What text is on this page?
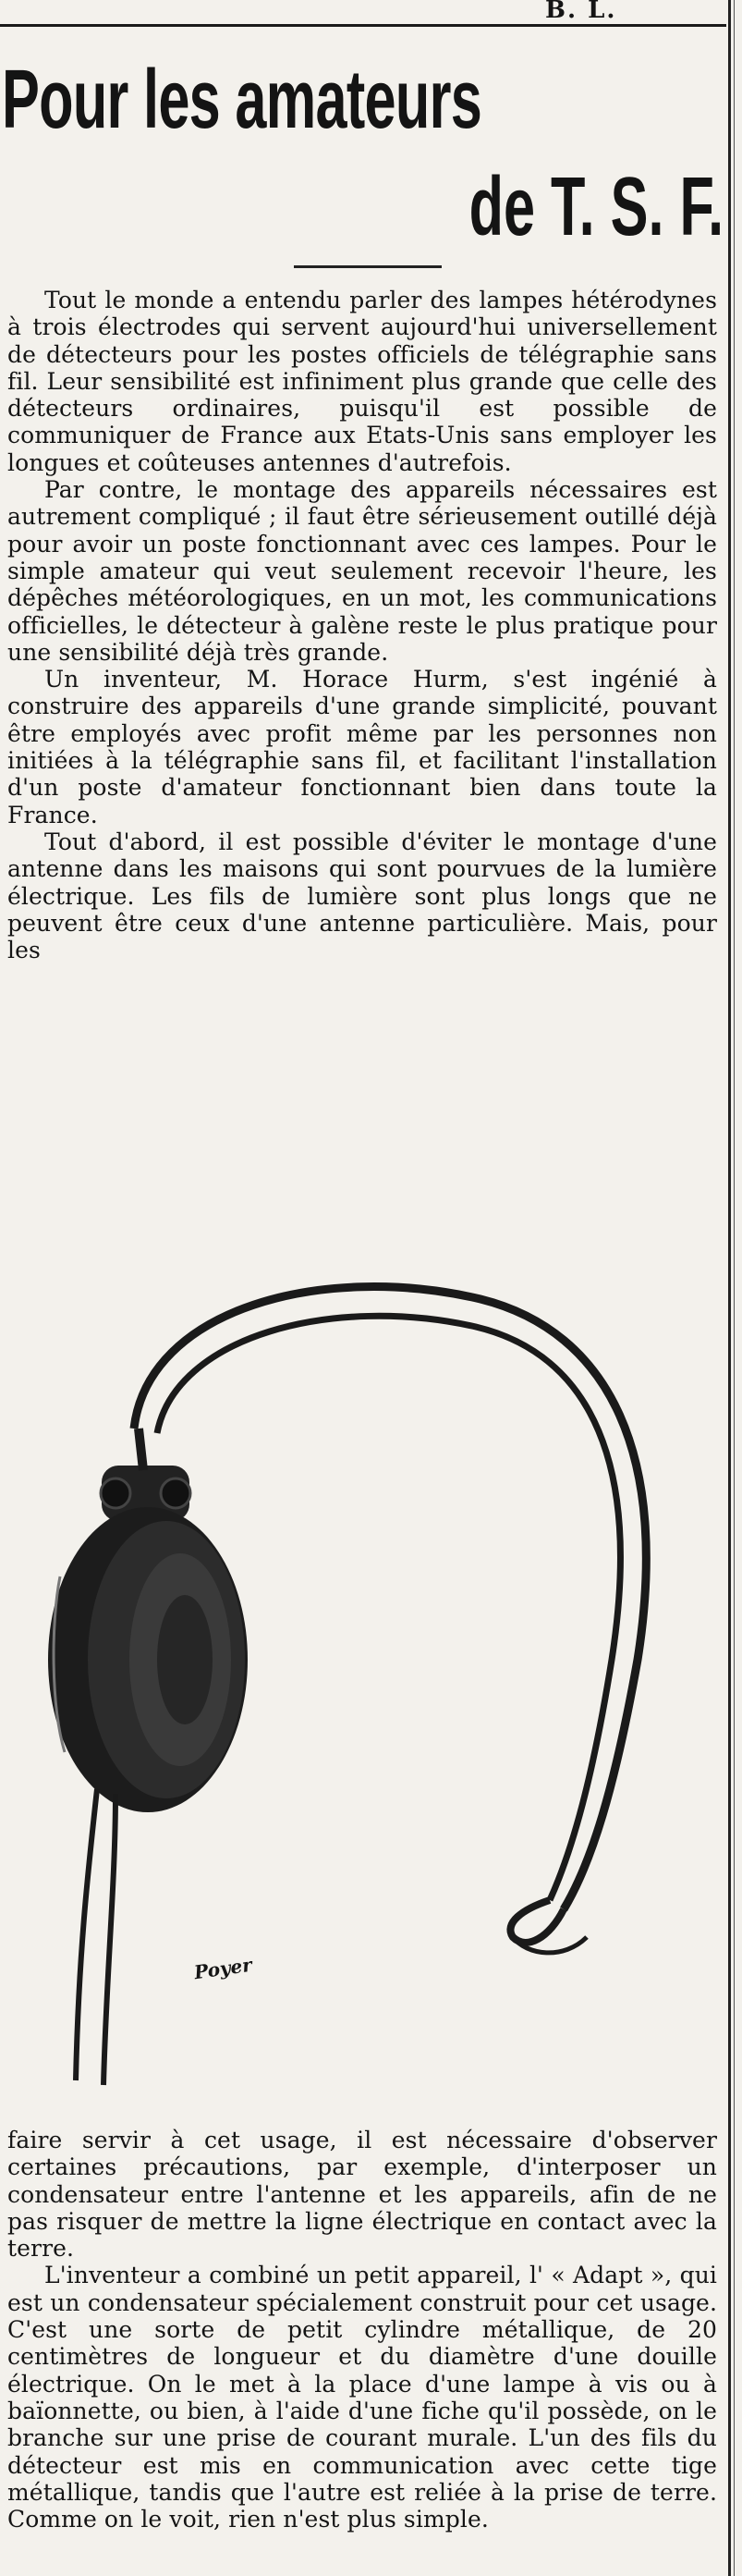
B. L.
Pour les amateurs
de T. S. F.

Tout le monde a entendu parler des lampes hétérodynes à trois électrodes qui servent aujourd'hui universellement de détecteurs pour les postes officiels de télégraphie sans fil. Leur sensibilité est infiniment plus grande que celle des détecteurs ordinaires, puisqu'il est possible de communiquer de France aux Etats-Unis sans employer les longues et coûteuses antennes d'autrefois.

Par contre, le montage des appareils nécessaires est autrement compliqué ; il faut être sérieusement outillé déjà pour avoir un poste fonctionnant avec ces lampes. Pour le simple amateur qui veut seulement recevoir l'heure, les dépêches météorologiques, en un mot, les communications officielles, le détecteur à galène reste le plus pratique pour une sensibilité déjà très grande.

Un inventeur, M. Horace Hurm, s'est ingénié à construire des appareils d'une grande simplicité, pouvant être employés avec profit même par les personnes non initiées à la télégraphie sans fil, et facilitant l'installation d'un poste d'amateur fonctionnant bien dans toute la France.

Tout d'abord, il est possible d'éviter le montage d'une antenne dans les maisons qui sont pourvues de la lumière électrique. Les fils de lumière sont plus longs que ne peuvent être ceux d'une antenne particulière. Mais, pour les

Poyer

faire servir à cet usage, il est nécessaire d'observer certaines précautions, par exemple, d'interposer un condensateur entre l'antenne et les appareils, afin de ne pas risquer de mettre la ligne électrique en contact avec la terre.

L'inventeur a combiné un petit appareil, l' « Adapt », qui est un condensateur spécialement construit pour cet usage. C'est une sorte de petit cylindre métallique, de 20 centimètres de longueur et du diamètre d'une douille électrique. On le met à la place d'une lampe à vis ou à baïonnette, ou bien, à l'aide d'une fiche qu'il possède, on le branche sur une prise de courant murale. L'un des fils du détecteur est mis en communication avec cette tige métallique, tandis que l'autre est reliée à la prise de terre. Comme on le voit, rien n'est plus simple.
